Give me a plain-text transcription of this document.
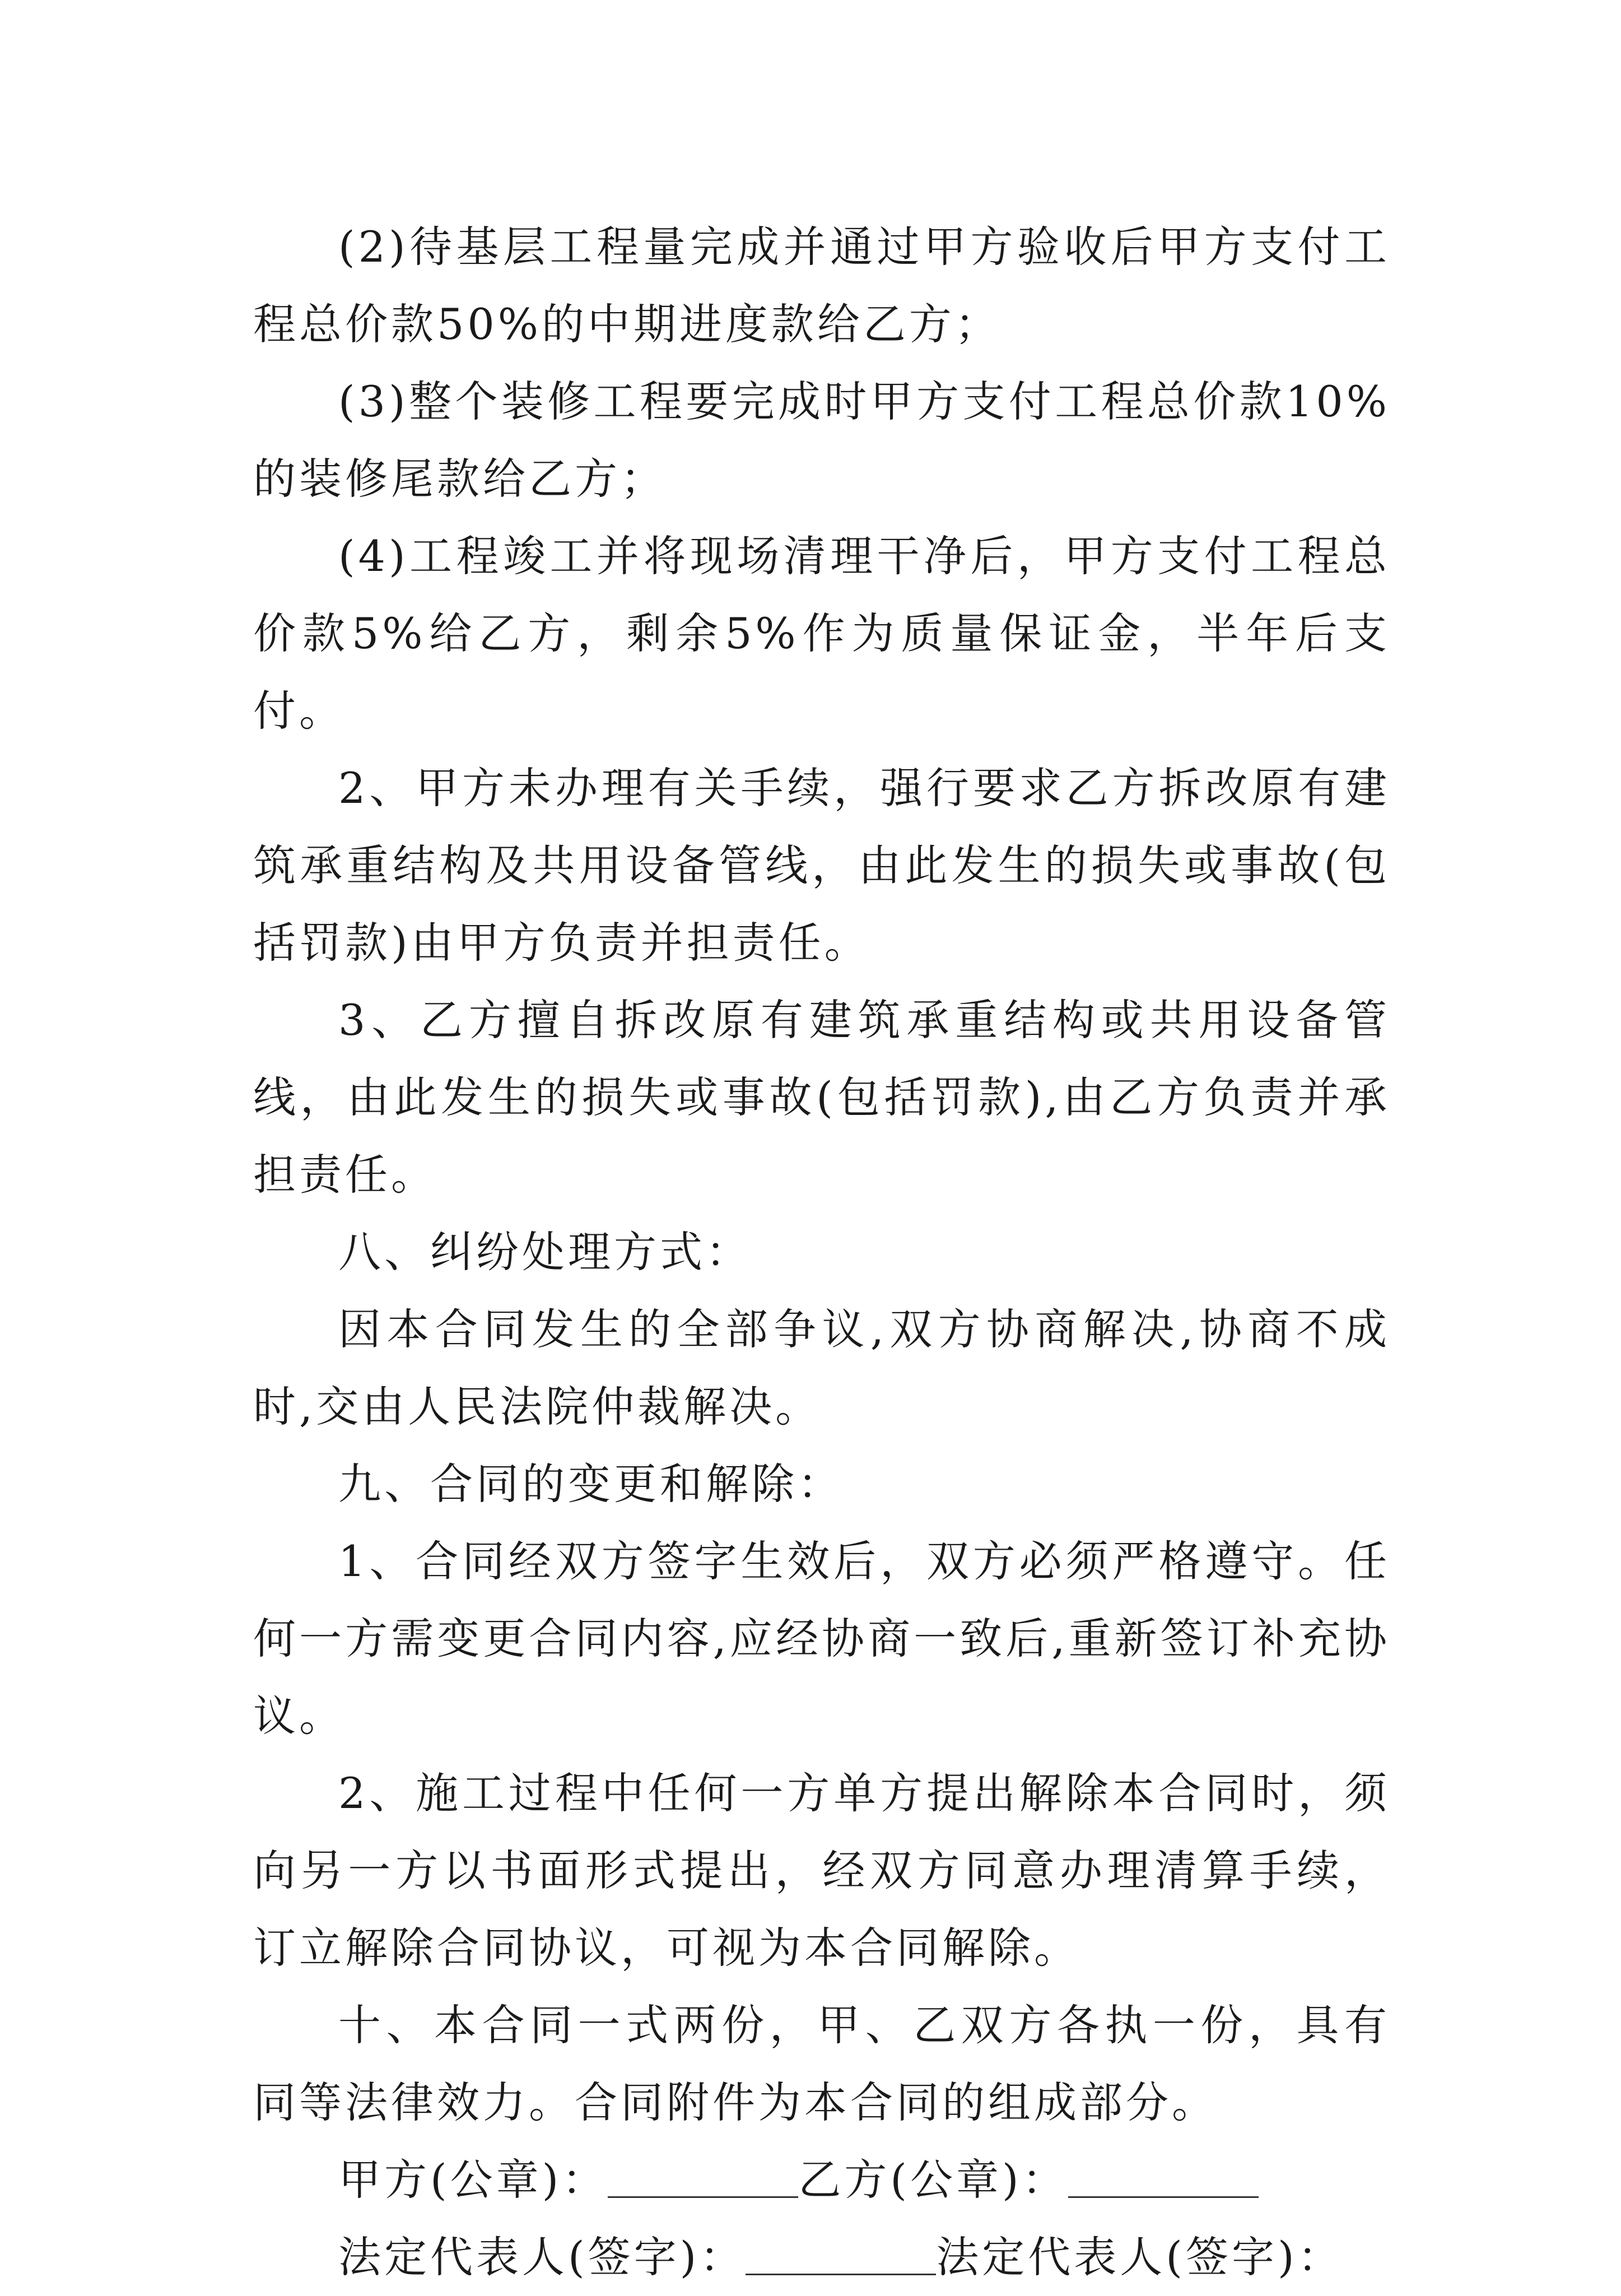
(2)待基层工程量完成并通过甲方验收后甲方支付工程总价款50%的中期进度款给乙方；

(3)整个装修工程要完成时甲方支付工程总价款10%的装修尾款给乙方；

(4)工程竣工并将现场清理干净后，甲方支付工程总价款5%给乙方，剩余5%作为质量保证金，半年后支付。

2、甲方未办理有关手续，强行要求乙方拆改原有建筑承重结构及共用设备管线，由此发生的损失或事故(包括罚款)由甲方负责并担责任。

3、乙方擅自拆改原有建筑承重结构或共用设备管线，由此发生的损失或事故(包括罚款),由乙方负责并承担责任。

八、纠纷处理方式：

因本合同发生的全部争议,双方协商解决,协商不成时,交由人民法院仲裁解决。

九、合同的变更和解除：

1、合同经双方签字生效后，双方必须严格遵守。任何一方需变更合同内容,应经协商一致后,重新签订补充协议。

2、施工过程中任何一方单方提出解除本合同时，须向另一方以书面形式提出，经双方同意办理清算手续，订立解除合同协议，可视为本合同解除。

十、本合同一式两份，甲、乙双方各执一份，具有同等法律效力。合同附件为本合同的组成部分。

甲方(公章)：	乙方(公章)：

法定代表人(签字)：	法定代表人(签字)：
